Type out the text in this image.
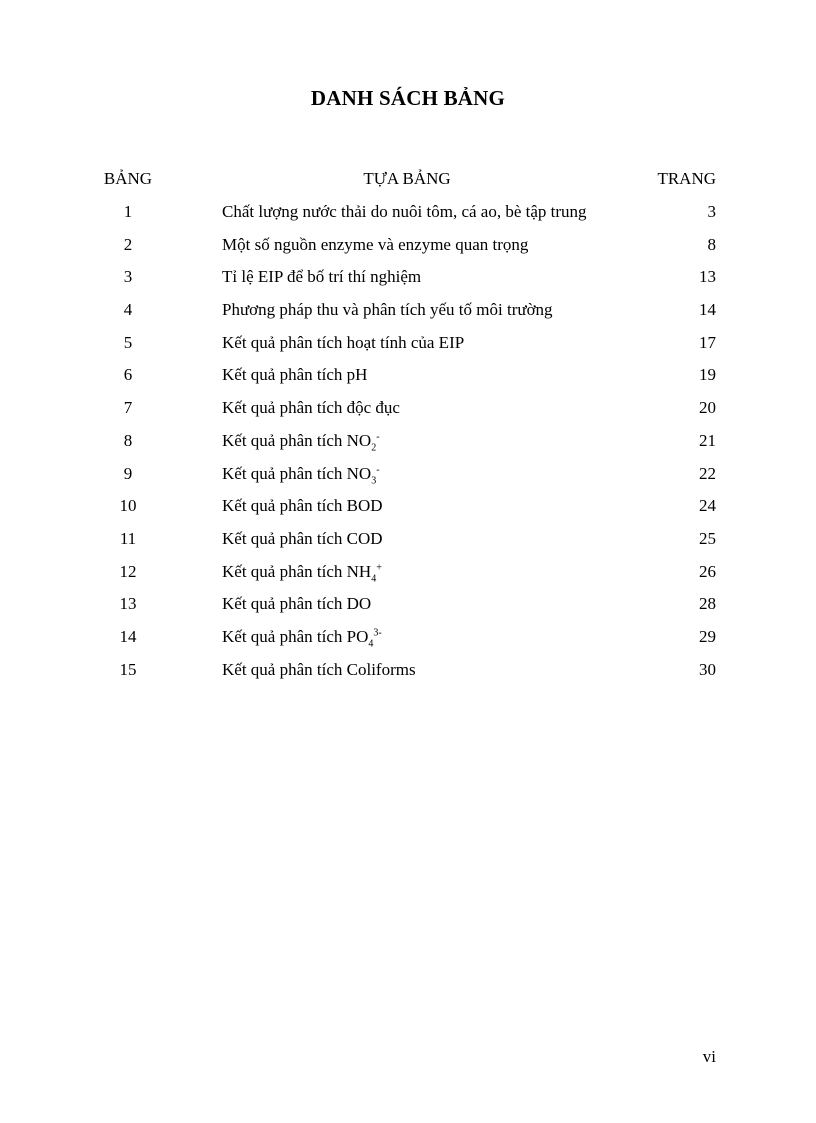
DANH SÁCH BẢNG
BẢNG	TỰA BẢNG	TRANG
1	Chất lượng nước thải do nuôi tôm, cá ao, bè tập trung	3
2	Một số nguồn enzyme và enzyme quan trọng	8
3	Tỉ lệ EIP để bố trí thí nghiệm	13
4	Phương pháp thu và phân tích yếu tố môi trường	14
5	Kết quả phân tích hoạt tính của EIP	17
6	Kết quả phân tích pH	19
7	Kết quả phân tích độc đục	20
8	Kết quả phân tích $NO_2^-$	21
9	Kết quả phân tích $NO_3^-$	22
10	Kết quả phân tích BOD	24
11	Kết quả phân tích COD	25
12	Kết quả phân tích $NH_4^+$	26
13	Kết quả phân tích DO	28
14	Kết quả phân tích $PO_4^{3-}$	29
15	Kết quả phân tích Coliforms	30
vi
